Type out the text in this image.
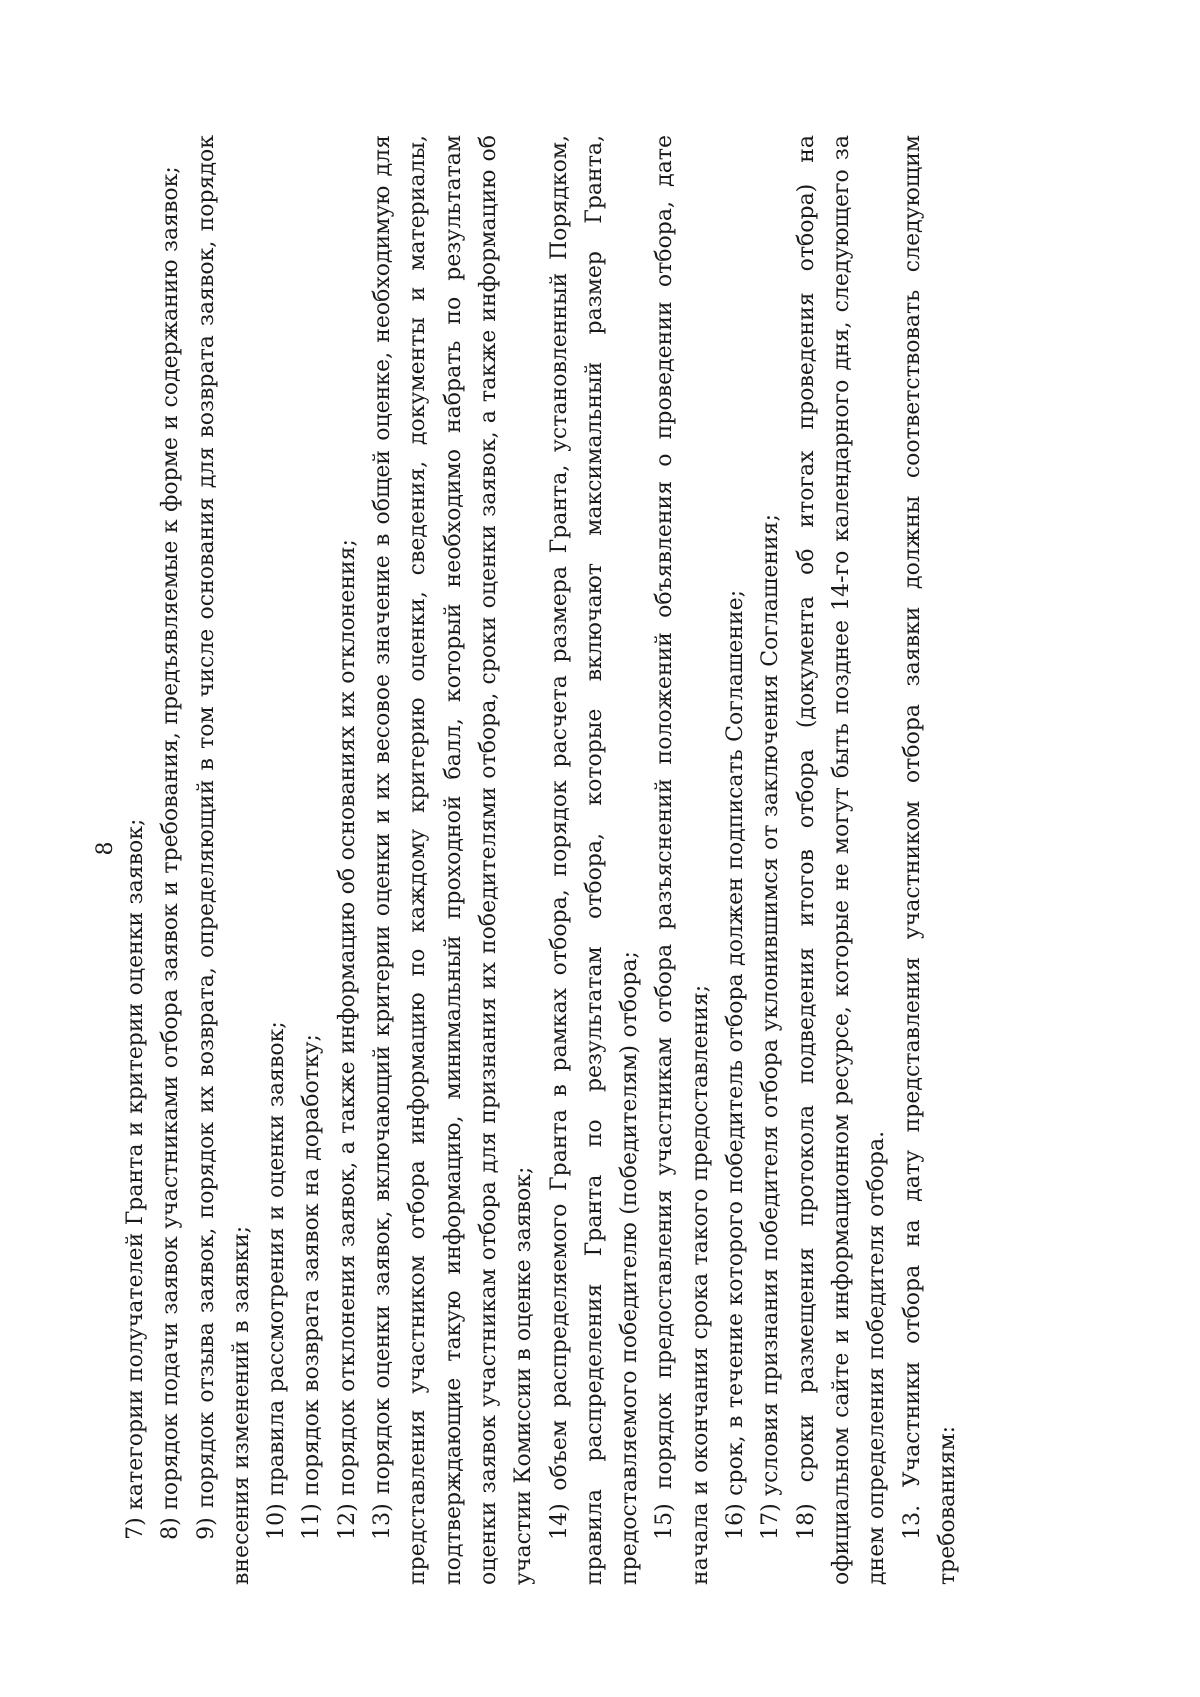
8 7) категории получателей Гранта и критерии оценки заявок; 8) порядок подачи заявок участниками отбора заявок и требования, предъявляемые к форме и содержанию заявок; 9) порядок отзыва заявок, порядок их возврата, определяющий в том числе основания для возврата заявок, порядок внесения изменений в заявки; 10) правила рассмотрения и оценки заявок; 11) порядок возврата заявок на доработку; 12) порядок отклонения заявок, а также информацию об основаниях их отклонения; 13) порядок оценки заявок, включающий критерии оценки и их весовое значение в общей оценке, необходимую для представления участником отбора информацию по каждому критерию оценки, сведения, документы и материалы, подтверждающие такую информацию, минимальный проходной балл, который необходимо набрать по результатам оценки заявок участникам отбора для признания их победителями отбора, сроки оценки заявок, а также информацию об участии Комиссии в оценке заявок; 14) объем распределяемого Гранта в рамках отбора, порядок расчета размера Гранта, установленный Порядком, правила распределения Гранта по результатам отбора, которые включают максимальный размер Гранта, предоставляемого победителю (победителям) отбора; 15) порядок предоставления участникам отбора разъяснений положений объявления о проведении отбора, дате начала и окончания срока такого предоставления; 16) срок, в течение которого победитель отбора должен подписать Соглашение; 17) условия признания победителя отбора уклонившимся от заключения Соглашения; 18) сроки размещения протокола подведения итогов отбора (документа об итогах проведения отбора) на официальном сайте и информационном ресурсе, которые не могут быть позднее 14-го календарного дня, следующего за днем определения победителя отбора. 13. Участники отбора на дату представления участником отбора заявки должны соответствовать следующим требованиям:
